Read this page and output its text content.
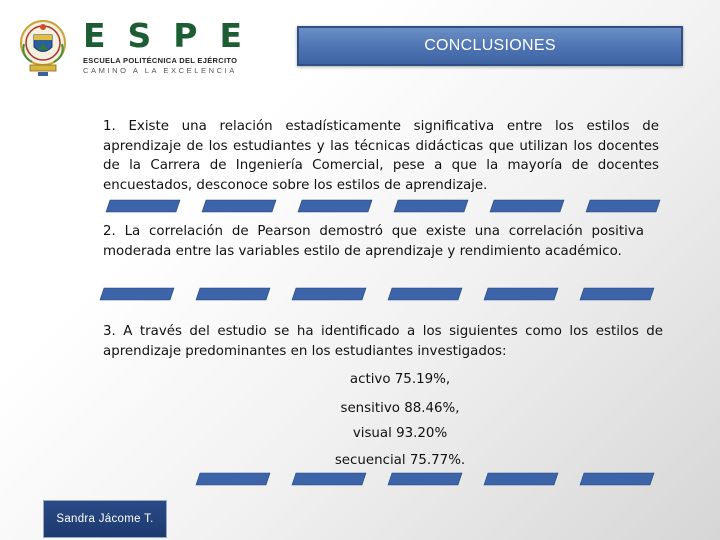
ESPE
ESCUELA POLITÉCNICA DEL EJÉRCITO
CAMINO A LA EXCELENCIA
CONCLUSIONES

1. Existe una relación estadísticamente significativa entre los estilos de aprendizaje de los estudiantes y las técnicas didácticas que utilizan los docentes de la Carrera de Ingeniería Comercial, pese a que la mayoría de docentes encuestados, desconoce sobre los estilos de aprendizaje.

2. La correlación de Pearson demostró que existe una correlación positiva moderada entre las variables estilo de aprendizaje y rendimiento académico.

3. A través del estudio se ha identificado a los siguientes como los estilos de aprendizaje predominantes en los estudiantes investigados:

activo 75.19%,
sensitivo 88.46%,
visual 93.20%
secuencial 75.77%.
Sandra Jácome T.
